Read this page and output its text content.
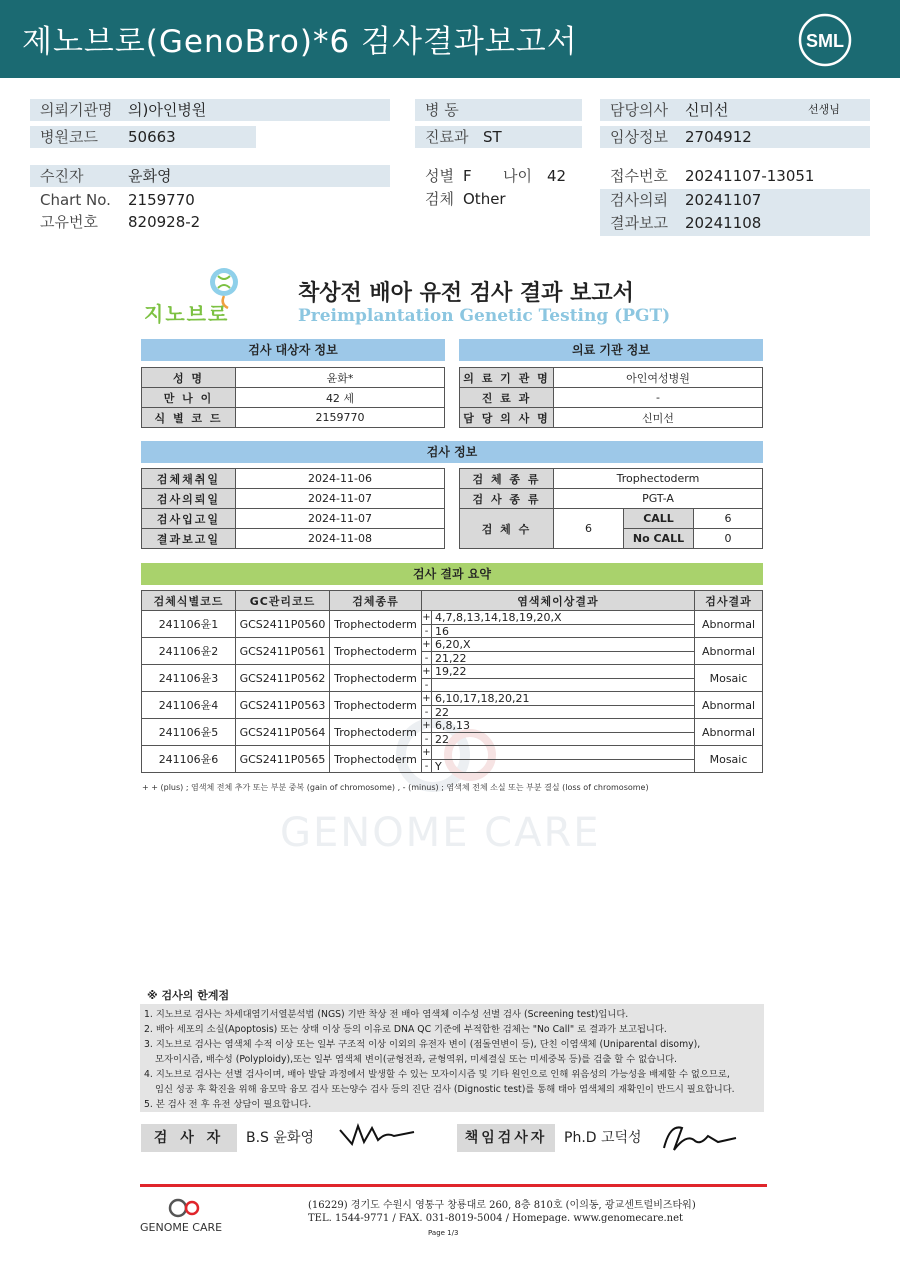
제노브로(GenoBro)*6 검사결과보고서	SML
의뢰기관명 의)아인병원
병원코드 50663
수진자	윤화영
Chart No. 2159770
고유번호 820928-2
병 동
진료과 ST
성별 F 나이 42
검체 Other
담당의사 신미선	선생님
임상정보 2704912
접수번호 20241107-13051
검사의뢰 20241107
결과보고 20241108
지노브로
착상전 배아 유전 검사 결과 보고서
Preimplantation Genetic Testing (PGT)
검사 대상자 정보
성 명	윤화*
만 나 이	42 세
식 별 코 드	2159770
의료 기관 정보
의 료 기 관 명	아인여성병원
진 료 과	-
담 당 의 사 명	신미선
검사 정보
검체채취일	2024-11-06
검사의뢰일	2024-11-07
검사입고일	2024-11-07
결과보고일	2024-11-08
검 체 종 류	Trophectoderm		
검 사 종 류	PGT-A		
검 체 수	6	CALL	6
		No CALL	0
GENOME CARE
검사 결과 요약
검체식별코드	GC관리코드	검체종류	염색체이상결과	검사결과
241106윤1	GCS2411P0560	Trophectoderm	+ 4,7,8,13,14,18,19,20,X
- 16	Abnormal
241106윤2	GCS2411P0561	Trophectoderm	+ 6,20,X
- 21,22	Abnormal
241106윤3	GCS2411P0562	Trophectoderm	+ 19,22
-	Mosaic
241106윤4	GCS2411P0563	Trophectoderm	+ 6,10,17,18,20,21
- 22	Abnormal
241106윤5	GCS2411P0564	Trophectoderm	+ 6,8,13
- 22	Abnormal
241106윤6	GCS2411P0565	Trophectoderm	+
- Y	Mosaic
+ + (plus) ; 염색체 전체 추가 또는 부분 중복 (gain of chromosome) , - (minus) ; 염색체 전체 소실 또는 부분 결실 (loss of chromosome)
※ 검사의 한계점
1. 지노브로 검사는 차세대염기서열분석법 (NGS) 기반 착상 전 배아 염색체 이수성 선별 검사 (Screening test)입니다.
2. 배아 세포의 소실(Apoptosis) 또는 상태 이상 등의 이유로 DNA QC 기준에 부적합한 검체는 "No Call" 로 결과가 보고됩니다.
3. 지노브로 검사는 염색체 수적 이상 또는 일부 구조적 이상 이외의 유전자 변이 (점돌연변이 등), 단친 이염색체 (Uniparental disomy),
모자이시즘, 배수성 (Polyploidy),또는 일부 염색체 변이(균형전좌, 균형역위, 미세결실 또는 미세중복 등)를 검출 할 수 없습니다.
4. 지노브로 검사는 선별 검사이며, 배아 발달 과정에서 발생할 수 있는 모자이시즘 및 기타 원인으로 인해 위음성의 가능성을 배제할 수 없으므로,
임신 성공 후 확진을 위해 융모막 융모 검사 또는양수 검사 등의 진단 검사 (Dignostic test)를 통해 태아 염색체의 재확인이 반드시 필요합니다.
5. 본 검사 전 후 유전 상담이 필요합니다.
검 사 자	B.S 윤화영	책임검사자	Ph.D 고덕성
GENOME CARE
(16229) 경기도 수원시 영통구 창룡대로 260, 8층 810호 (이의동, 광교센트럴비즈타워)
TEL. 1544-9771 / FAX. 031-8019-5004 / Homepage. www.genomecare.net
Page 1/3
